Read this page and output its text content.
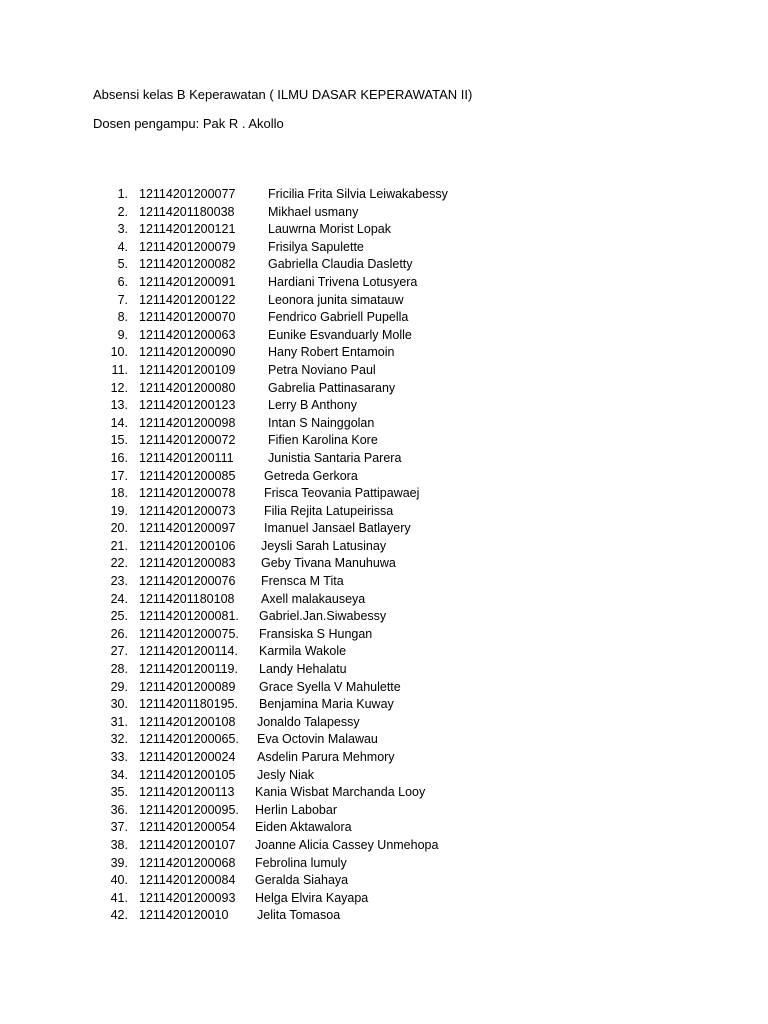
Absensi kelas B Keperawatan ( ILMU DASAR KEPERAWATAN II)
Dosen pengampu: Pak R . Akollo
1. 12114201200077	Fricilia Frita Silvia Leiwakabessy
2. 12114201180038	Mikhael usmany
3. 12114201200121	Lauwrna Morist Lopak
4. 12114201200079	Frisilya Sapulette
5. 12114201200082	Gabriella Claudia Dasletty
6. 12114201200091	Hardiani Trivena Lotusyera
7. 12114201200122	Leonora junita simatauw
8. 12114201200070	Fendrico Gabriell Pupella
9. 12114201200063	Eunike Esvanduarly Molle
10. 12114201200090	Hany Robert Entamoin
11. 12114201200109	Petra Noviano Paul
12. 12114201200080	Gabrelia Pattinasarany
13. 12114201200123	Lerry B Anthony
14. 12114201200098	Intan S Nainggolan
15. 12114201200072	Fifien Karolina Kore
16. 12114201200111	Junistia Santaria Parera
17. 12114201200085 Getreda Gerkora
18. 12114201200078 Frisca Teovania Pattipawaej
19. 12114201200073 Filia Rejita Latupeirissa
20. 12114201200097 Imanuel Jansael Batlayery
21. 12114201200106 Jeysli Sarah Latusinay
22. 12114201200083 Geby Tivana Manuhuwa
23. 12114201200076 Frensca M Tita
24. 12114201180108 Axell malakauseya
25. 12114201200081. Gabriel.Jan.Siwabessy
26. 12114201200075. Fransiska S Hungan
27. 12114201200114. Karmila Wakole
28. 12114201200119. Landy Hehalatu
29. 12114201200089 Grace Syella V Mahulette
30. 12114201180195. Benjamina Maria Kuway
31. 12114201200108 Jonaldo Talapessy
32. 12114201200065. Eva Octovin Malawau
33. 12114201200024 Asdelin Parura Mehmory
34. 12114201200105 Jesly Niak
35. 12114201200113 Kania Wisbat Marchanda Looy
36. 12114201200095. Herlin Labobar
37. 12114201200054 Eiden Aktawalora
38. 12114201200107 Joanne Alicia Cassey Unmehopa
39. 12114201200068 Febrolina lumuly
40. 12114201200084 Geralda Siahaya
41. 12114201200093 Helga Elvira Kayapa
42. 1211420120010 Jelita Tomasoa
